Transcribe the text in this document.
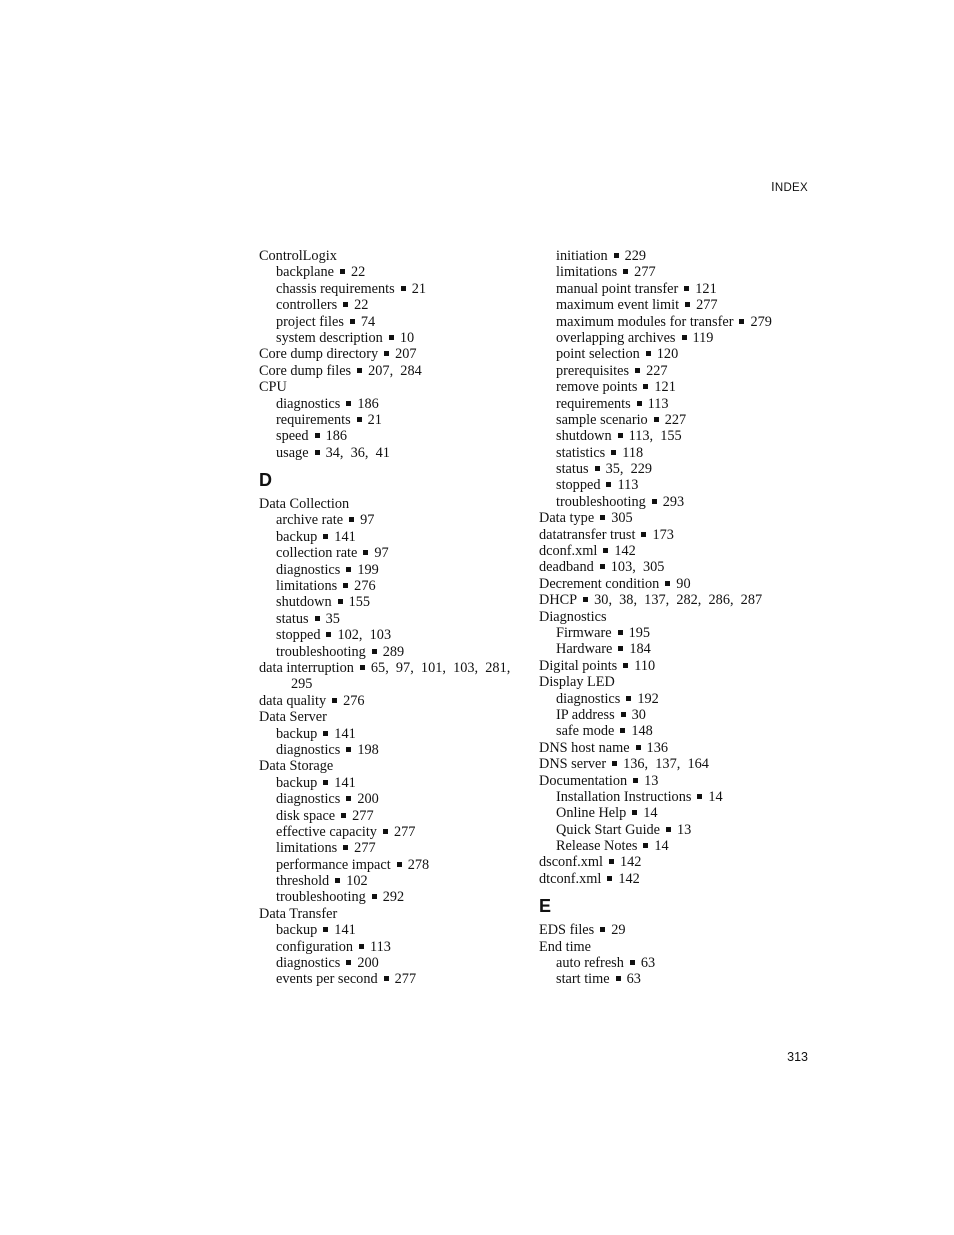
INDEX
ControlLogix
backplane 22
chassis requirements 21
controllers 22
project files 74
system description 10
Core dump directory 207
Core dump files 207,  284
CPU
diagnostics 186
requirements 21
speed 186
usage 34,  36,  41
D
Data Collection
archive rate 97
backup 141
collection rate 97
diagnostics 199
limitations 276
shutdown 155
status 35
stopped 102,  103
troubleshooting 289
data interruption 65,  97,  101,  103,  281,
295
data quality 276
Data Server
backup 141
diagnostics 198
Data Storage
backup 141
diagnostics 200
disk space 277
effective capacity 277
limitations 277
performance impact 278
threshold 102
troubleshooting 292
Data Transfer
backup 141
configuration 113
diagnostics 200
events per second 277
initiation 229
limitations 277
manual point transfer 121
maximum event limit 277
maximum modules for transfer 279
overlapping archives 119
point selection 120
prerequisites 227
remove points 121
requirements 113
sample scenario 227
shutdown 113,  155
statistics 118
status 35,  229
stopped 113
troubleshooting 293
Data type 305
datatransfer trust 173
dconf.xml 142
deadband 103,  305
Decrement condition 90
DHCP 30,  38,  137,  282,  286,  287
Diagnostics
Firmware 195
Hardware 184
Digital points 110
Display LED
diagnostics 192
IP address 30
safe mode 148
DNS host name 136
DNS server 136,  137,  164
Documentation 13
Installation Instructions 14
Online Help 14
Quick Start Guide 13
Release Notes 14
dsconf.xml 142
dtconf.xml 142
E
EDS files 29
End time
auto refresh 63
start time 63
313
